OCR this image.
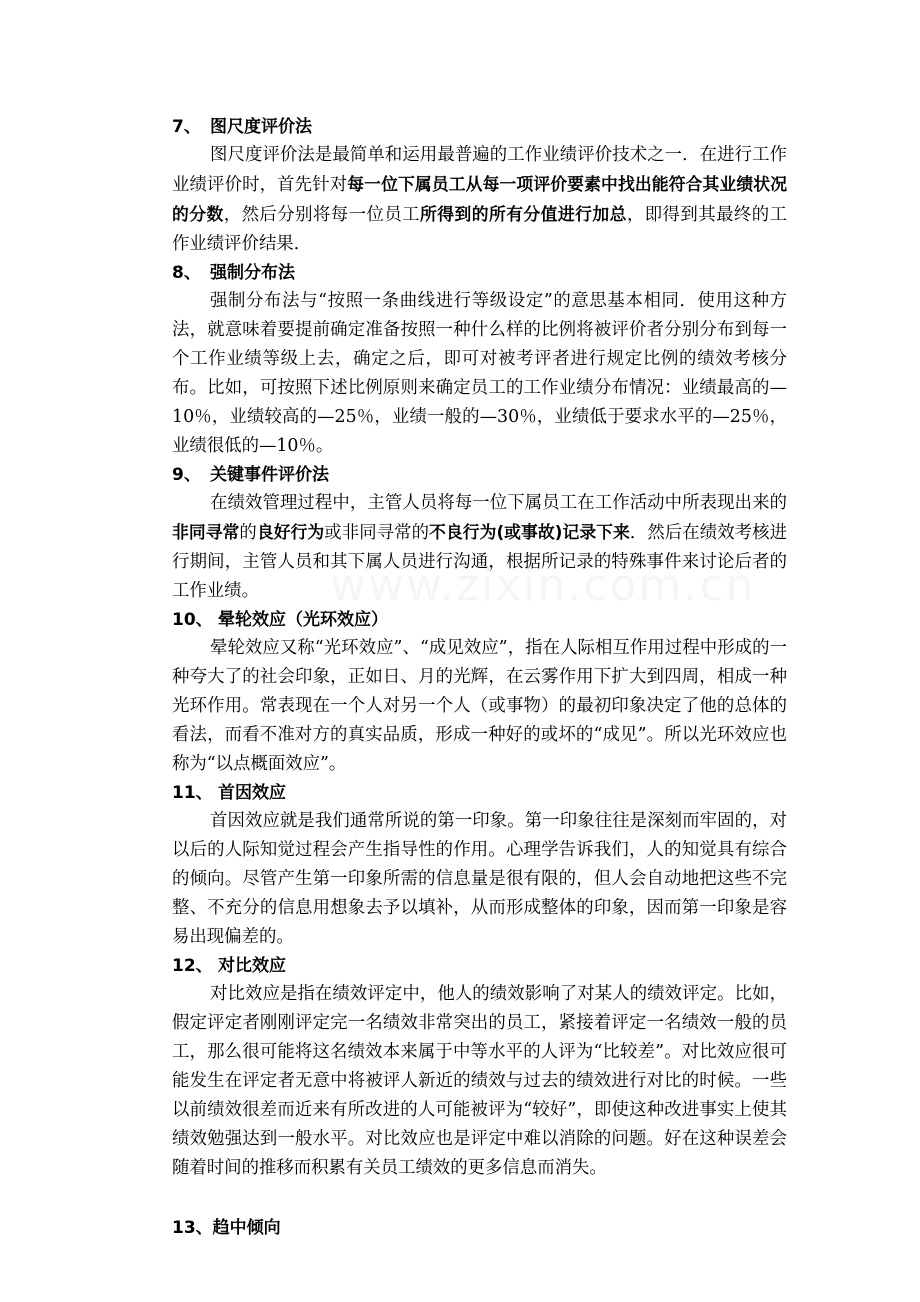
7、 图尺度评价法

图尺度评价法是最简单和运用最普遍的工作业绩评价技术之一．在进行工作业绩评价时，首先针对每一位下属员工从每一项评价要素中找出能符合其业绩状况的分数，然后分别将每一位员工所得到的所有分值进行加总，即得到其最终的工作业绩评价结果．

8、 强制分布法

强制分布法与“按照一条曲线进行等级设定”的意思基本相同．使用这种方法，就意味着要提前确定准备按照一种什么样的比例将被评价者分别分布到每一个工作业绩等级上去，确定之后，即可对被考评者进行规定比例的绩效考核分布。比如，可按照下述比例原则来确定员工的工作业绩分布情况：业绩最高的—10％，业绩较高的—25％，业绩一般的—30％，业绩低于要求水平的—25％，业绩很低的—10％。

9、 关键事件评价法

在绩效管理过程中，主管人员将每一位下属员工在工作活动中所表现出来的非同寻常的良好行为或非同寻常的不良行为(或事故)记录下来．然后在绩效考核进行期间，主管人员和其下属人员进行沟通，根据所记录的特殊事件来讨论后者的工作业绩。

10、 晕轮效应（光环效应）

晕轮效应又称“光环效应”、“成见效应”，指在人际相互作用过程中形成的一种夸大了的社会印象，正如日、月的光辉，在云雾作用下扩大到四周，相成一种光环作用。常表现在一个人对另一个人（或事物）的最初印象决定了他的总体的看法，而看不准对方的真实品质，形成一种好的或坏的“成见”。所以光环效应也称为“以点概面效应”。

11、 首因效应

首因效应就是我们通常所说的第一印象。第一印象往往是深刻而牢固的，对以后的人际知觉过程会产生指导性的作用。心理学告诉我们，人的知觉具有综合的倾向。尽管产生第一印象所需的信息量是很有限的，但人会自动地把这些不完整、不充分的信息用想象去予以填补，从而形成整体的印象，因而第一印象是容易出现偏差的。

12、 对比效应

对比效应是指在绩效评定中，他人的绩效影响了对某人的绩效评定。比如，假定评定者刚刚评定完一名绩效非常突出的员工，紧接着评定一名绩效一般的员工，那么很可能将这名绩效本来属于中等水平的人评为“比较差”。对比效应很可能发生在评定者无意中将被评人新近的绩效与过去的绩效进行对比的时候。一些以前绩效很差而近来有所改进的人可能被评为“较好”，即使这种改进事实上使其绩效勉强达到一般水平。对比效应也是评定中难以消除的问题。好在这种误差会随着时间的推移而积累有关员工绩效的更多信息而消失。

13、趋中倾向
